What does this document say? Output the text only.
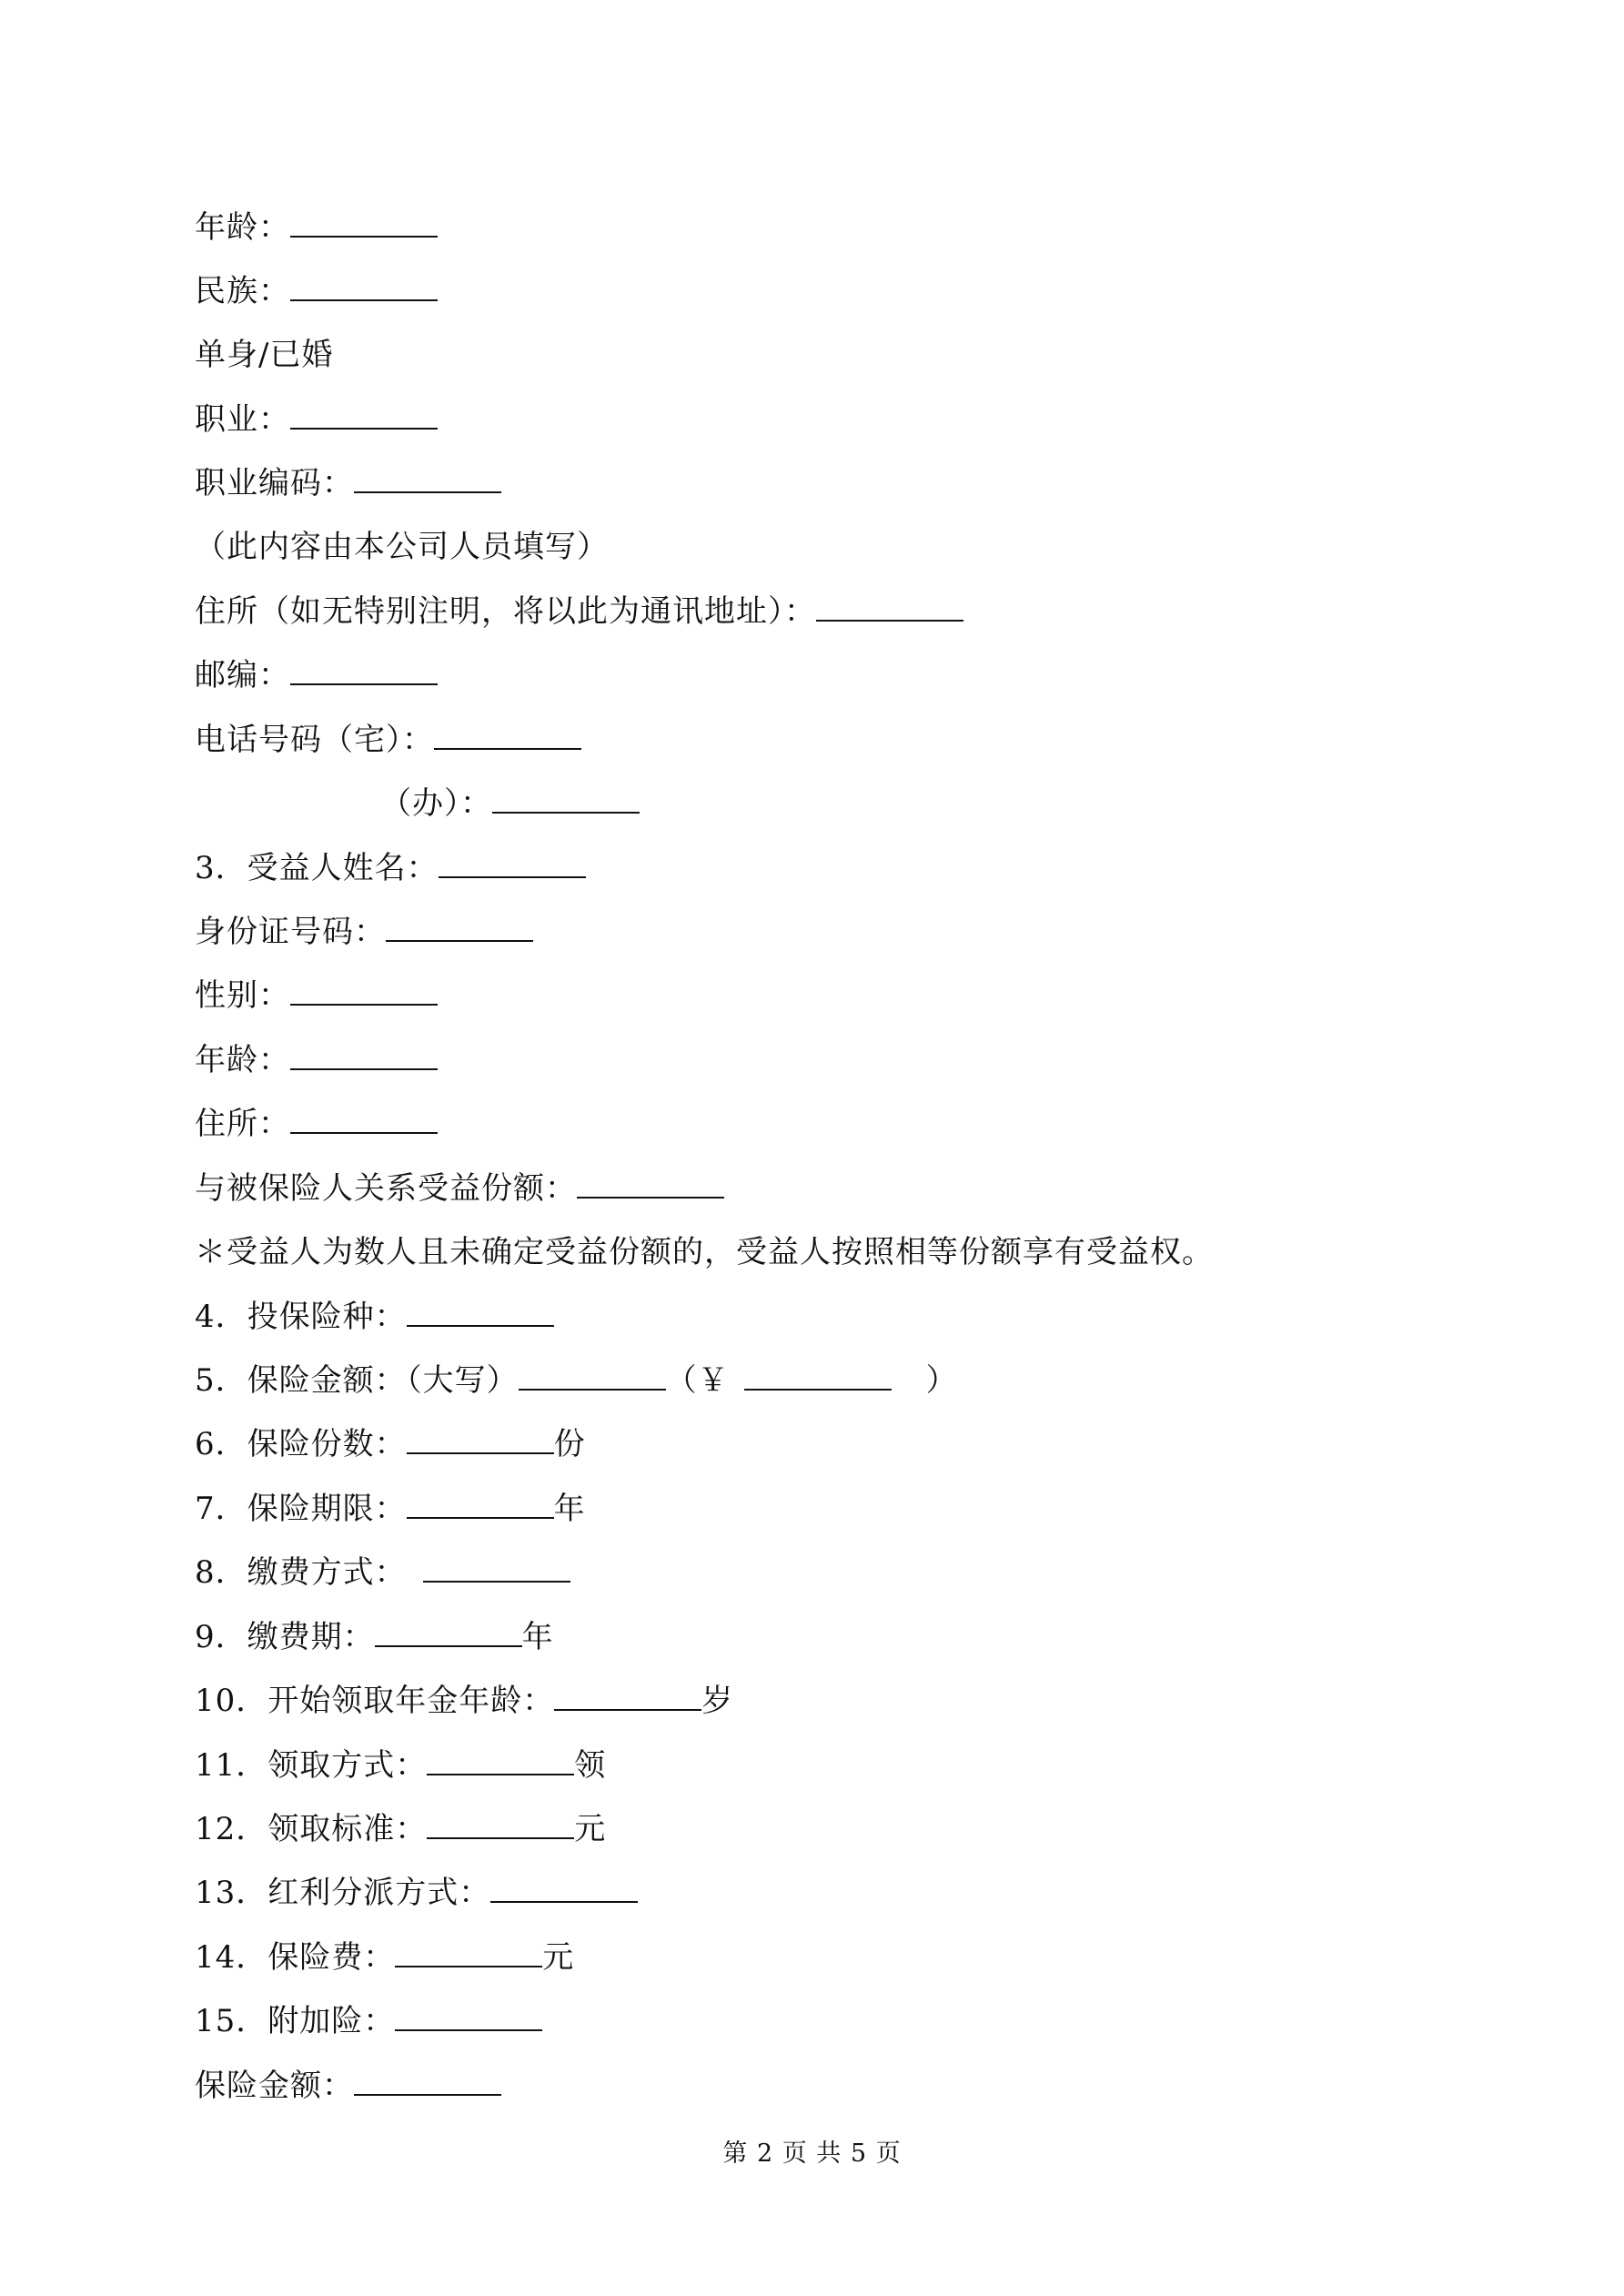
年龄：
民族：
单身/已婚
职业：
职业编码：
（此内容由本公司人员填写）
住所（如无特别注明，将以此为通讯地址）：
邮编：
电话号码（宅）：
（办）：
3．受益人姓名：
身份证号码：
性别：
年龄：
住所：
与被保险人关系受益份额：
＊受益人为数人且未确定受益份额的，受益人按照相等份额享有受益权。
4．投保险种：
5．保险金额：（大写）	（￥	）
6．保险份数：	份
7．保险期限：	年
8．缴费方式：
9．缴费期：	年
10．开始领取年金年龄：	岁
11．领取方式：	领
12．领取标准：	元
13．红利分派方式：
14．保险费：	元
15．附加险：
保险金额：
第 2 页 共 5 页
